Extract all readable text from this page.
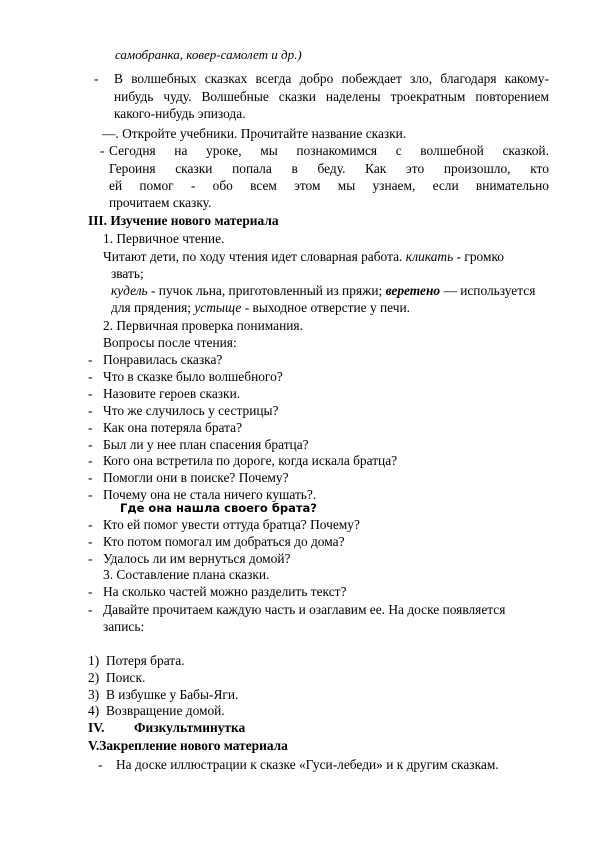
самобранка, ковер-самолет и др.)
- В волшебных сказках всегда добро побеждает зло, благодаря какому-
нибудь чуду. Волшебные сказки наделены троекратным повторением
какого-нибудь эпизода.
—. Откройте учебники. Прочитайте название сказки.
- Сегодня на уроке, мы познакомимся с волшебной сказкой.
Героиня сказки попала в беду. Как это произошло, кто
ей помог - обо всем этом мы узнаем, если внимательно
прочитаем сказку.
III. Изучение нового материала
1. Первичное чтение.
Читают дети, по ходу чтения идет словарная работа. кликать - громко
звать;
кудель - пучок льна, приготовленный из пряжи; веретено — используется
для прядения; устыще - выходное отверстие у печи.
2. Первичная проверка понимания.
Вопросы после чтения:
- Понравилась сказка?
- Что в сказке было волшебного?
- Назовите героев сказки.
- Что же случилось у сестрицы?
- Как она потеряла брата?
- Был ли у нее план спасения братца?
- Кого она встретила по дороге, когда искала братца?
- Помогли они в поиске? Почему?
- Почему она не стала ничего кушать?.
Где она нашла своего брата?
- Кто ей помог увести оттуда братца? Почему?
- Кто потом помогал им добраться до дома?
- Удалось ли им вернуться домой?
3. Составление плана сказки.
- На сколько частей можно разделить текст?
- Давайте прочитаем каждую часть и озаглавим ее. На доске появляется
запись:
1) Потеря брата.
2) Поиск.
3) В избушке у Бабы-Яги.
4) Возвращение домой.
IV. Физкультминутка
V.Закрепление нового материала
- На доске иллюстрации к сказке «Гуси-лебеди» и к другим сказкам.
